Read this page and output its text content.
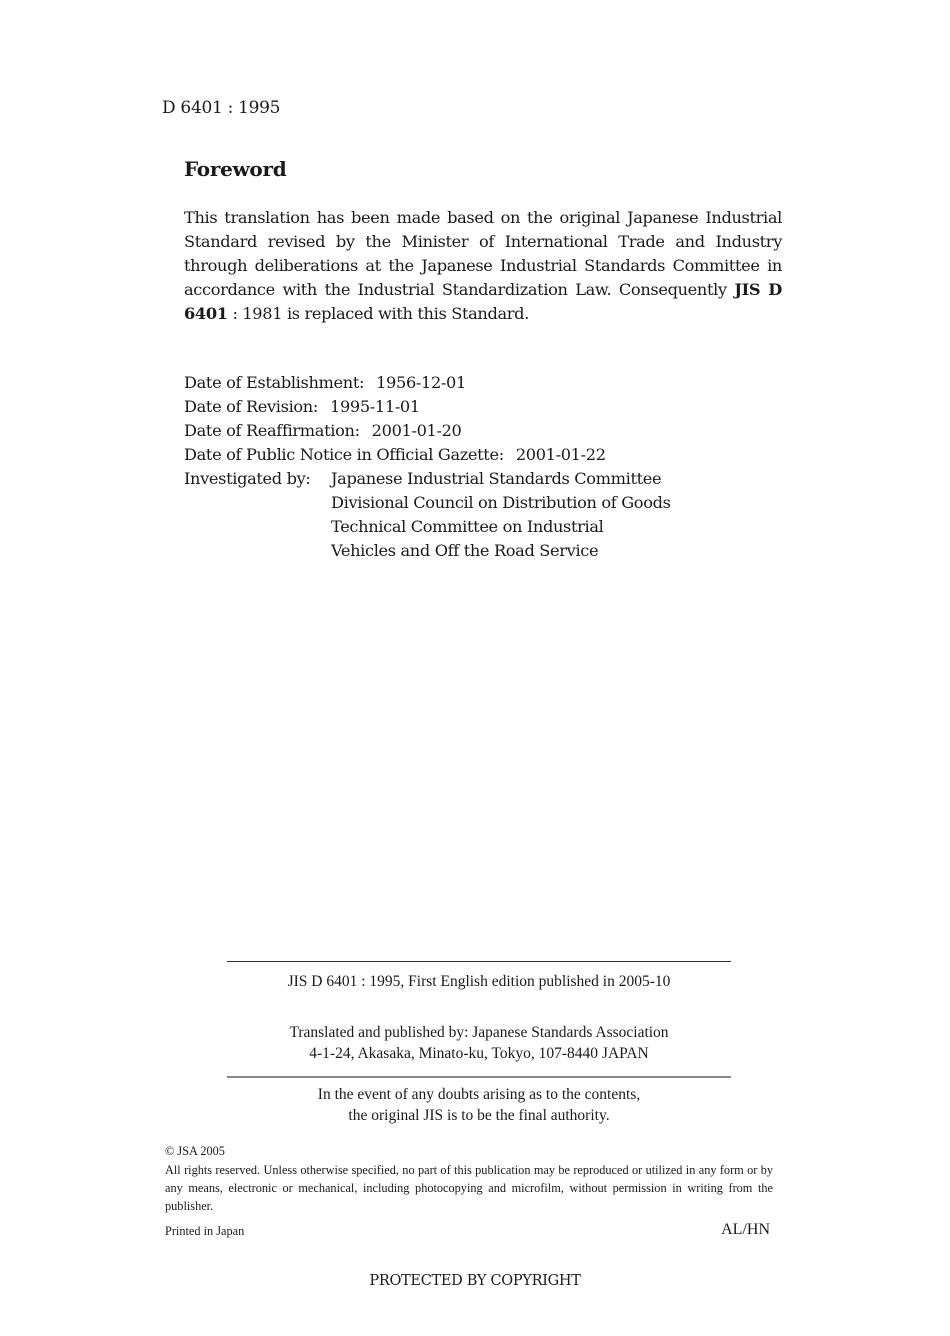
D 6401 : 1995
Foreword
This translation has been made based on the original Japanese Industrial Standard revised by the Minister of International Trade and Industry through deliberations at the Japanese Industrial Standards Committee in accordance with the Industrial Standardization Law. Consequently JIS D 6401 : 1981 is replaced with this Standard.
Date of Establishment: 1956-12-01
Date of Revision: 1995-11-01
Date of Reaffirmation: 2001-01-20
Date of Public Notice in Official Gazette: 2001-01-22
Investigated by: Japanese Industrial Standards Committee
Divisional Council on Distribution of Goods
Technical Committee on Industrial
Vehicles and Off the Road Service
JIS D 6401 : 1995, First English edition published in 2005-10
Translated and published by: Japanese Standards Association
4-1-24, Akasaka, Minato-ku, Tokyo, 107-8440 JAPAN
In the event of any doubts arising as to the contents,
the original JIS is to be the final authority.
© JSA 2005
All rights reserved. Unless otherwise specified, no part of this publication may be reproduced or utilized in any form or by any means, electronic or mechanical, including photocopying and microfilm, without permission in writing from the publisher.
Printed in Japan	AL/HN
PROTECTED BY COPYRIGHT
